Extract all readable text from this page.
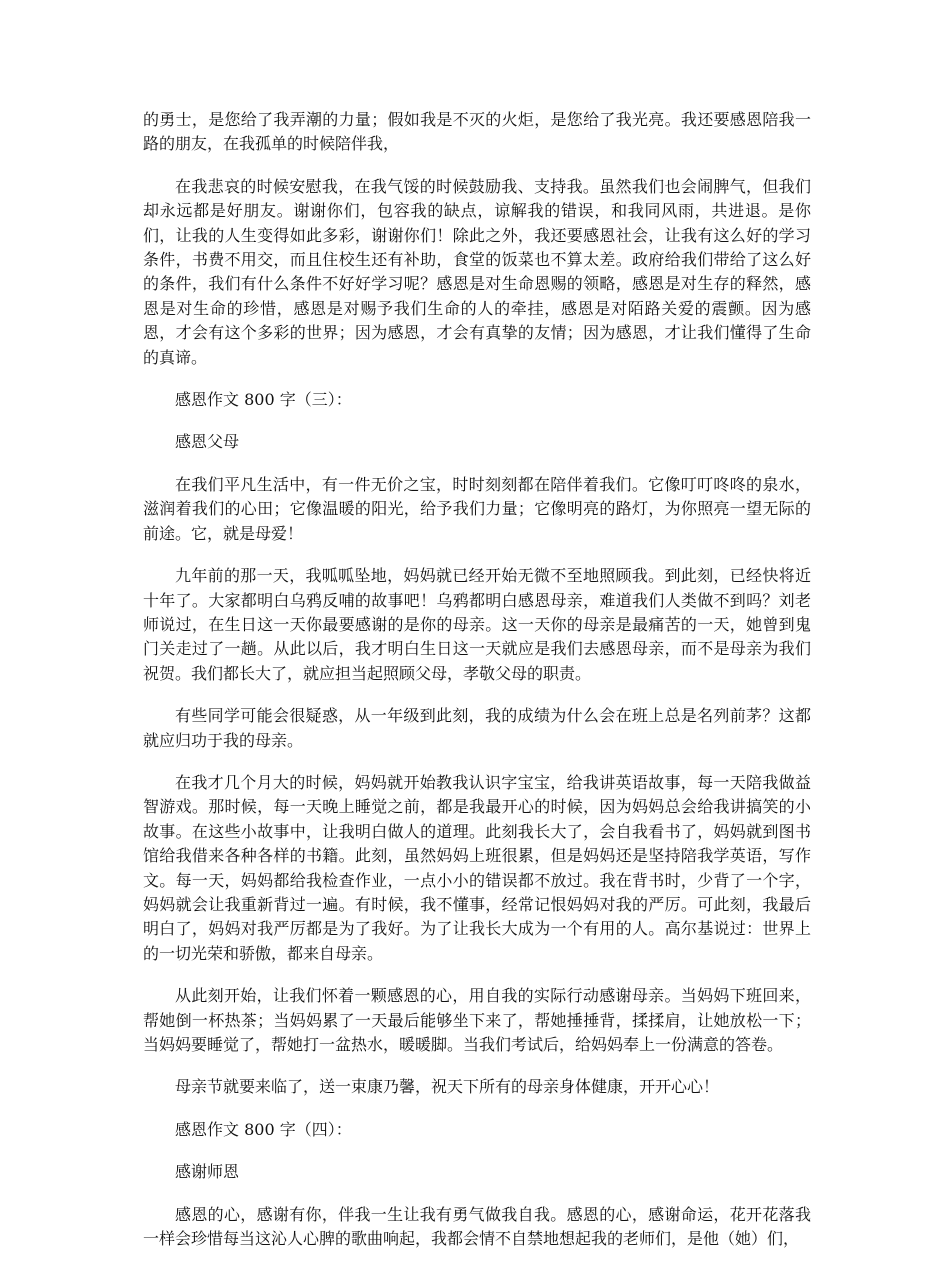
的勇士，是您给了我弄潮的力量；假如我是不灭的火炬，是您给了我光亮。我还要感恩陪我一路的朋友，在我孤单的时候陪伴我，

在我悲哀的时候安慰我，在我气馁的时候鼓励我、支持我。虽然我们也会闹脾气，但我们却永远都是好朋友。谢谢你们，包容我的缺点，谅解我的错误，和我同风雨，共进退。是你们，让我的人生变得如此多彩，谢谢你们！除此之外，我还要感恩社会，让我有这么好的学习条件，书费不用交，而且住校生还有补助，食堂的饭菜也不算太差。政府给我们带给了这么好的条件，我们有什么条件不好好学习呢？感恩是对生命恩赐的领略，感恩是对生存的释然，感恩是对生命的珍惜，感恩是对赐予我们生命的人的牵挂，感恩是对陌路关爱的震颤。因为感恩，才会有这个多彩的世界；因为感恩，才会有真挚的友情；因为感恩，才让我们懂得了生命的真谛。

感恩作文 800 字（三）：

感恩父母

在我们平凡生活中，有一件无价之宝，时时刻刻都在陪伴着我们。它像叮叮咚咚的泉水，滋润着我们的心田；它像温暖的阳光，给予我们力量；它像明亮的路灯，为你照亮一望无际的前途。它，就是母爱！

九年前的那一天，我呱呱坠地，妈妈就已经开始无微不至地照顾我。到此刻，已经快将近十年了。大家都明白乌鸦反哺的故事吧！乌鸦都明白感恩母亲，难道我们人类做不到吗？刘老师说过，在生日这一天你最要感谢的是你的母亲。这一天你的母亲是最痛苦的一天，她曾到鬼门关走过了一趟。从此以后，我才明白生日这一天就应是我们去感恩母亲，而不是母亲为我们祝贺。我们都长大了，就应担当起照顾父母，孝敬父母的职责。

有些同学可能会很疑惑，从一年级到此刻，我的成绩为什么会在班上总是名列前茅？这都就应归功于我的母亲。

在我才几个月大的时候，妈妈就开始教我认识字宝宝，给我讲英语故事，每一天陪我做益智游戏。那时候，每一天晚上睡觉之前，都是我最开心的时候，因为妈妈总会给我讲搞笑的小故事。在这些小故事中，让我明白做人的道理。此刻我长大了，会自我看书了，妈妈就到图书馆给我借来各种各样的书籍。此刻，虽然妈妈上班很累，但是妈妈还是坚持陪我学英语，写作文。每一天，妈妈都给我检查作业，一点小小的错误都不放过。我在背书时，少背了一个字，妈妈就会让我重新背过一遍。有时候，我不懂事，经常记恨妈妈对我的严厉。可此刻，我最后明白了，妈妈对我严厉都是为了我好。为了让我长大成为一个有用的人。高尔基说过：世界上的一切光荣和骄傲，都来自母亲。

从此刻开始，让我们怀着一颗感恩的心，用自我的实际行动感谢母亲。当妈妈下班回来，帮她倒一杯热茶；当妈妈累了一天最后能够坐下来了，帮她捶捶背，揉揉肩，让她放松一下；当妈妈要睡觉了，帮她打一盆热水，暖暖脚。当我们考试后，给妈妈奉上一份满意的答卷。

母亲节就要来临了，送一束康乃馨，祝天下所有的母亲身体健康，开开心心！

感恩作文 800 字（四）：

感谢师恩

感恩的心，感谢有你，伴我一生让我有勇气做我自我。感恩的心，感谢命运，花开花落我一样会珍惜每当这沁人心脾的歌曲响起，我都会情不自禁地想起我的老师们，是他（她）们，
